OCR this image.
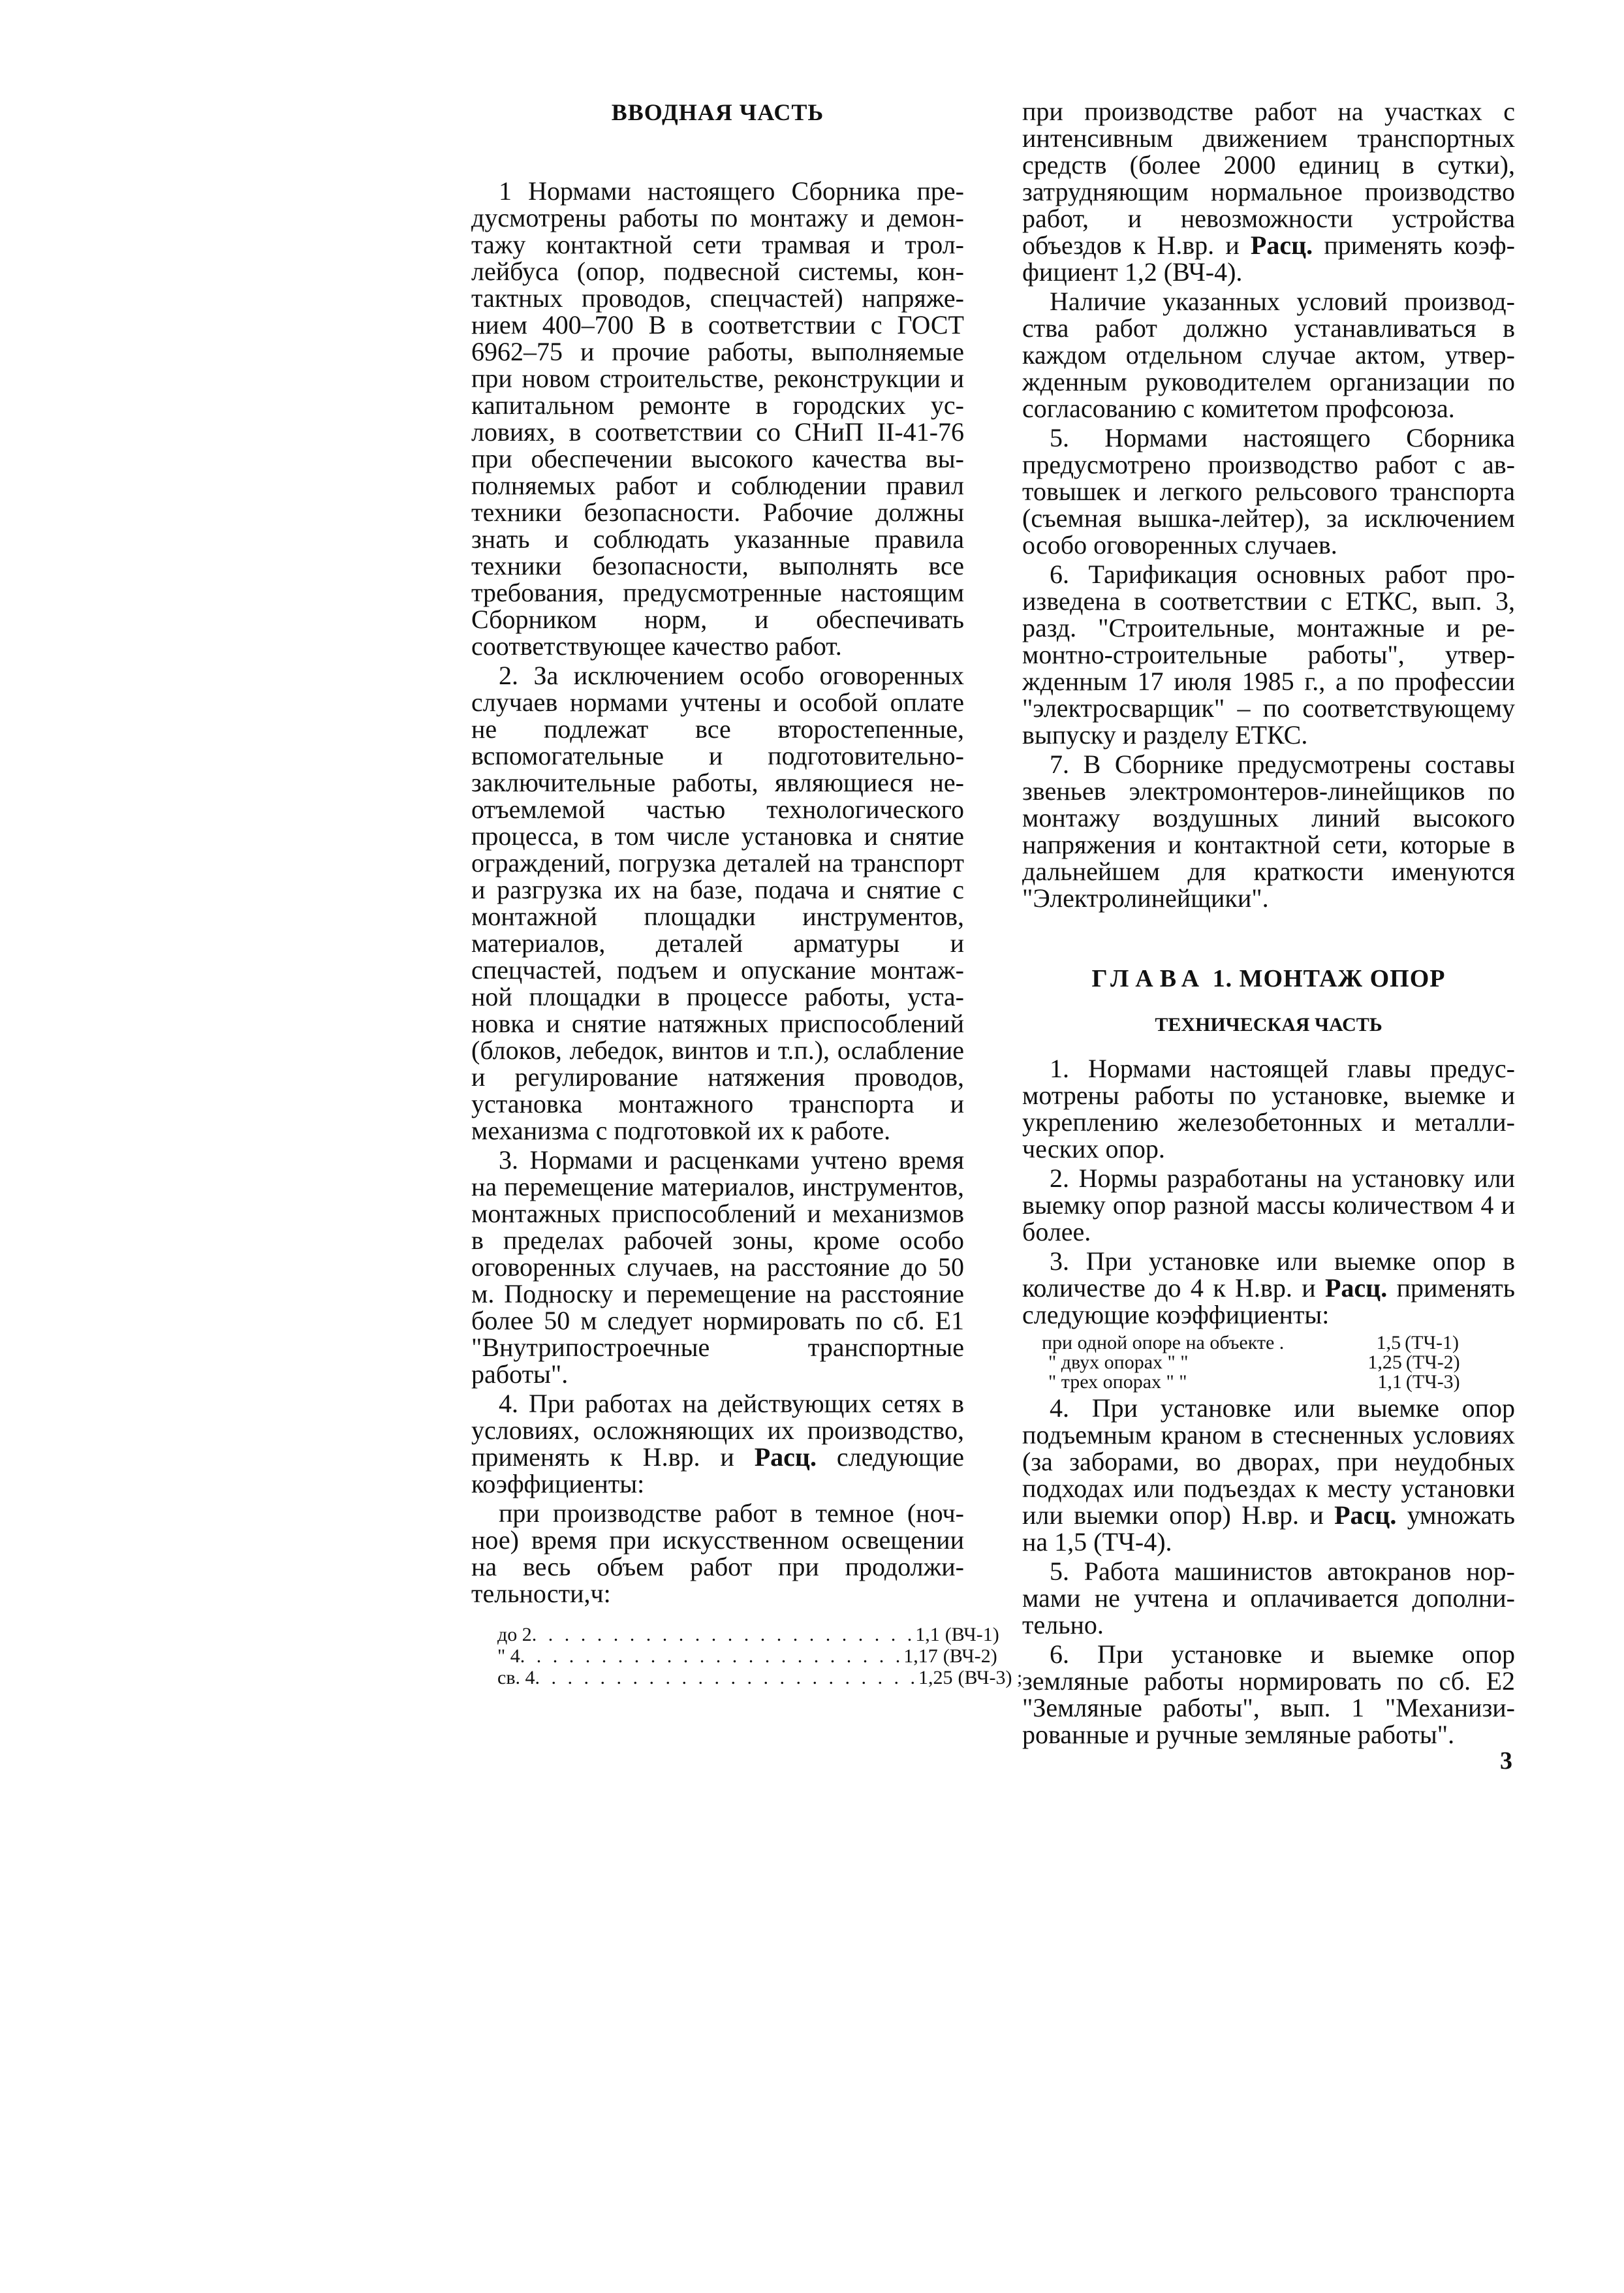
ВВОДНАЯ ЧАСТЬ

1 Нормами настоящего Сборника предусмотрены работы по монтажу и демонтажу контактной сети трамвая и троллейбуса (опор, подвесной системы, контактных проводов, спецчастей) напряжением 400–700 В в соответствии с ГОСТ 6962–75 и прочие работы, выполняемые при новом строительстве, реконструкции и капитальном ремонте в городских условиях, в соответствии со СНиП II-41-76 при обеспечении высокого качества выполняемых работ и соблюдении правил техники безопасности. Рабочие должны знать и соблюдать указанные правила техники безопасности, выполнять все требования, предусмотренные настоящим Сборником норм, и обеспечивать соответствующее качество работ.

2. За исключением особо оговоренных случаев нормами учтены и особой оплате не подлежат все второстепенные, вспомогательные и подготовительно-заключительные работы, являющиеся неотъемлемой частью технологического процесса, в том числе установка и снятие ограждений, погрузка деталей на транспорт и разгрузка их на базе, подача и снятие с монтажной площадки инструментов, материалов, деталей арматуры и спецчастей, подъем и опускание монтажной площадки в процессе работы, установка и снятие натяжных приспособлений (блоков, лебедок, винтов и т.п.), ослабление и регулирование натяжения проводов, установка монтажного транспорта и механизма с подготовкой их к работе.

3. Нормами и расценками учтено время на перемещение материалов, инструментов, монтажных приспособлений и механизмов в пределах рабочей зоны, кроме особо оговоренных случаев, на расстояние до 50 м. Подноску и перемещение на расстояние более 50 м следует нормировать по сб. Е1 "Внутрипостроечные транспортные работы".

4. При работах на действующих сетях в условиях, осложняющих их производство, применять к Н.вр. и Расц. следующие коэффициенты:

при производстве работ в темное (ночное) время при искусственном освещении на весь объем работ при продолжительности,ч:

до 2 . . . . . . . . . . . . . . . . . . . . . . . . 1,1 (ВЧ-1)
" 4 . . . . . . . . . . . . . . . . . . . . . . . . 1,17 (ВЧ-2)
св. 4 . . . . . . . . . . . . . . . . . . . . . . . . 1,25 (ВЧ-3) ;

при производстве работ на участках с интенсивным движением транспортных средств (более 2000 единиц в сутки), затрудняющим нормальное производство работ, и невозможности устройства объездов к Н.вр. и Расц. применять коэффициент 1,2 (ВЧ-4).

Наличие указанных условий производства работ должно устанавливаться в каждом отдельном случае актом, утвержденным руководителем организации по согласованию с комитетом профсоюза.

5. Нормами настоящего Сборника предусмотрено производство работ с автовышек и легкого рельсового транспорта (съемная вышка-лейтер), за исключением особо оговоренных случаев.

6. Тарификация основных работ произведена в соответствии с ЕТКС, вып. 3, разд. "Строительные, монтажные и ремонтно-строительные работы", утвержденным 17 июля 1985 г., а по профессии "электросварщик" – по соответствующему выпуску и разделу ЕТКС.

7. В Сборнике предусмотрены составы звеньев электромонтеров-линейщиков по монтажу воздушных линий высокого напряжения и контактной сети, которые в дальнейшем для краткости именуются "Электролинейщики".

ГЛАВА 1. МОНТАЖ ОПОР
ТЕХНИЧЕСКАЯ ЧАСТЬ

1. Нормами настоящей главы предусмотрены работы по установке, выемке и укреплению железобетонных и металлических опор.

2. Нормы разработаны на установку или выемку опор разной массы количеством 4 и более.

3. При установке или выемке опор в количестве до 4 к Н.вр. и Расц. применять следующие коэффициенты:

при одной опоре на объекте .	1,5 (ТЧ-1)
" двух опорах " "	1,25 (ТЧ-2)
" трех опорах " "	1,1 (ТЧ-3)

4. При установке или выемке опор подъемным краном в стесненных условиях (за заборами, во дворах, при неудобных подходах или подъездах к месту установки или выемки опор) Н.вр. и Расц. умножать на 1,5 (ТЧ-4).

5. Работа машинистов автокранов нормами не учтена и оплачивается дополнительно.

6. При установке и выемке опор земляные работы нормировать по сб. Е2 "Земляные работы", вып. 1 "Механизированные и ручные земляные работы".

3
